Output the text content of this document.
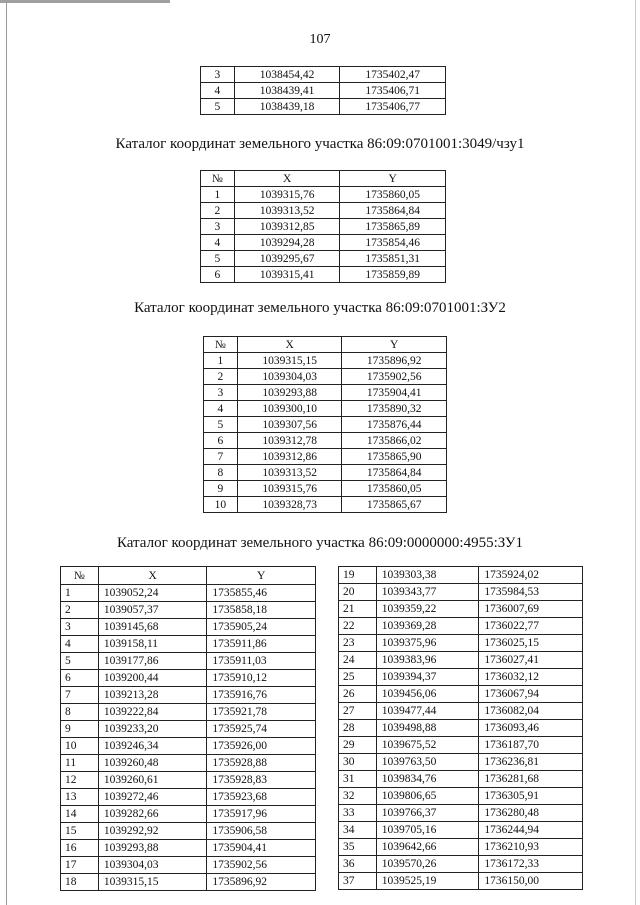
107
3	1038454,42	1735402,47
4	1038439,41	1735406,71
5	1038439,18	1735406,77
Каталог координат земельного участка 86:09:0701001:3049/чзу1
№	X	Y
1	1039315,76	1735860,05
2	1039313,52	1735864,84
3	1039312,85	1735865,89
4	1039294,28	1735854,46
5	1039295,67	1735851,31
6	1039315,41	1735859,89
Каталог координат земельного участка 86:09:0701001:ЗУ2
№	X	Y
1	1039315,15	1735896,92
2	1039304,03	1735902,56
3	1039293,88	1735904,41
4	1039300,10	1735890,32
5	1039307,56	1735876,44
6	1039312,78	1735866,02
7	1039312,86	1735865,90
8	1039313,52	1735864,84
9	1039315,76	1735860,05
10	1039328,73	1735865,67
Каталог координат земельного участка 86:09:0000000:4955:ЗУ1
№	X	Y
1	1039052,24	1735855,46
2	1039057,37	1735858,18
3	1039145,68	1735905,24
4	1039158,11	1735911,86
5	1039177,86	1735911,03
6	1039200,44	1735910,12
7	1039213,28	1735916,76
8	1039222,84	1735921,78
9	1039233,20	1735925,74
10	1039246,34	1735926,00
11	1039260,48	1735928,88
12	1039260,61	1735928,83
13	1039272,46	1735923,68
14	1039282,66	1735917,96
15	1039292,92	1735906,58
16	1039293,88	1735904,41
17	1039304,03	1735902,56
18	1039315,15	1735896,92
19	1039303,38	1735924,02
20	1039343,77	1735984,53
21	1039359,22	1736007,69
22	1039369,28	1736022,77
23	1039375,96	1736025,15
24	1039383,96	1736027,41
25	1039394,37	1736032,12
26	1039456,06	1736067,94
27	1039477,44	1736082,04
28	1039498,88	1736093,46
29	1039675,52	1736187,70
30	1039763,50	1736236,81
31	1039834,76	1736281,68
32	1039806,65	1736305,91
33	1039766,37	1736280,48
34	1039705,16	1736244,94
35	1039642,66	1736210,93
36	1039570,26	1736172,33
37	1039525,19	1736150,00
